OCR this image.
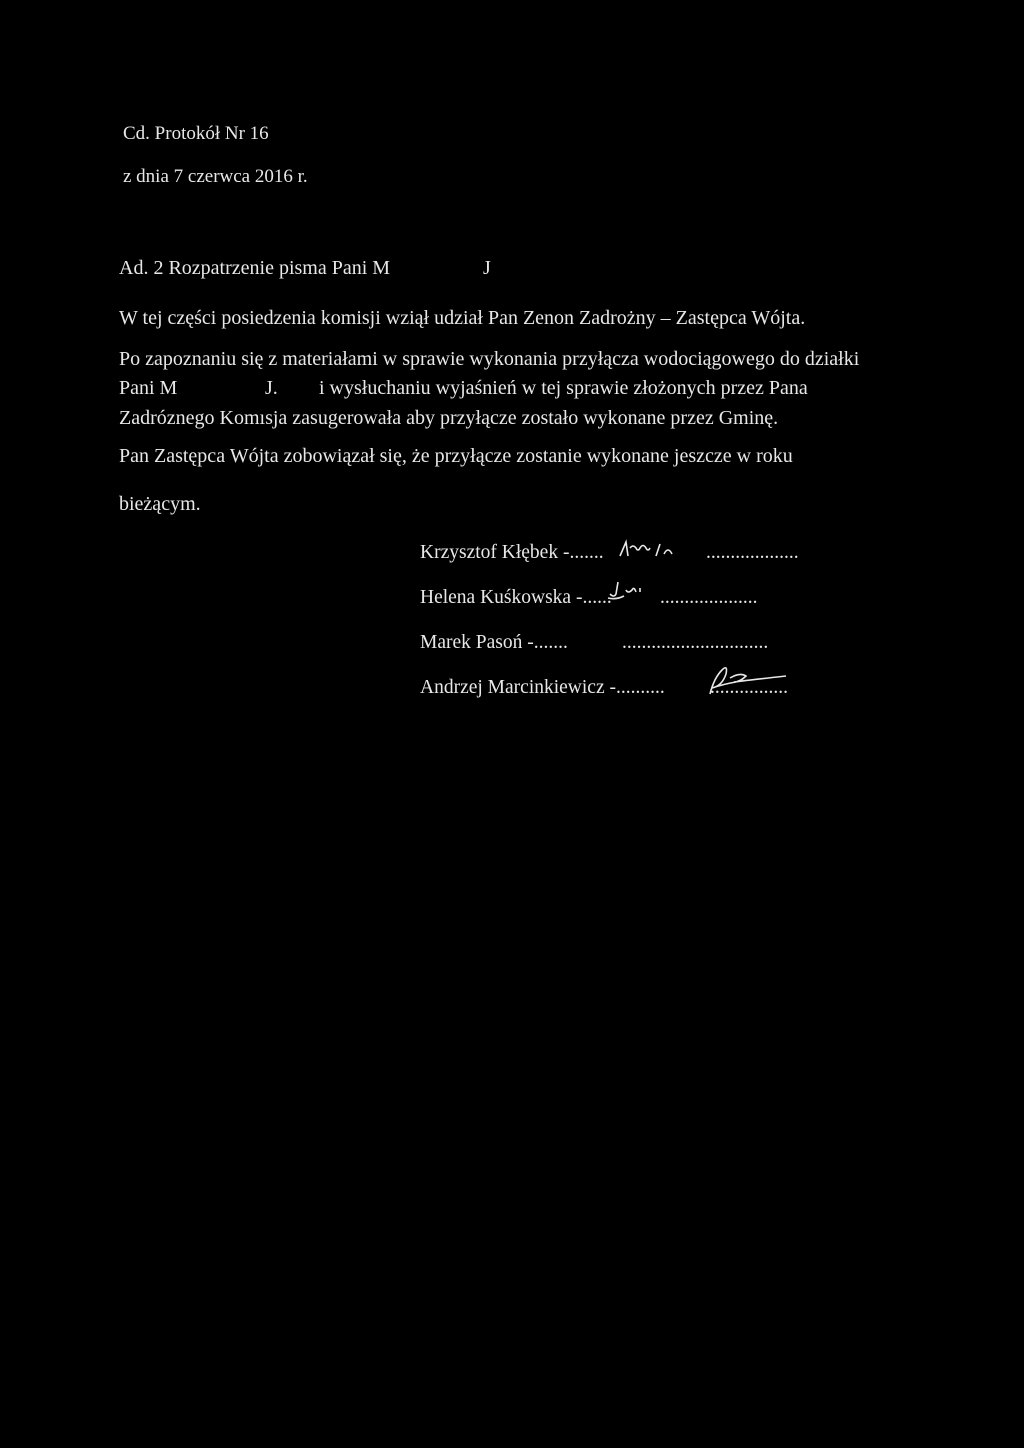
Cd. Protokół Nr 16
z dnia 7 czerwca 2016 r.
Ad. 2 Rozpatrzenie pisma Pani M	J
W tej części posiedzenia komisji wziął udział Pan Zenon Zadrożny – Zastępca Wójta.
Po zapoznaniu się z materiałami w sprawie wykonania przyłącza wodociągowego do działki
Pani M	J. i wysłuchaniu wyjaśnień w tej sprawie złożonych przez Pana
Zadróznego Komısja zasugerowała aby przyłącze zostało wykonane przez Gminę.
Pan Zastępca Wójta zobowiązał się, że przyłącze zostanie wykonane jeszcze w roku
bieżącym.
Krzysztof Kłębek -.......	...................
Helena Kuśkowska -...... ....................
Marek Pasoń -.......	..............................
Andrzej Marcinkiewicz -.......... ................
